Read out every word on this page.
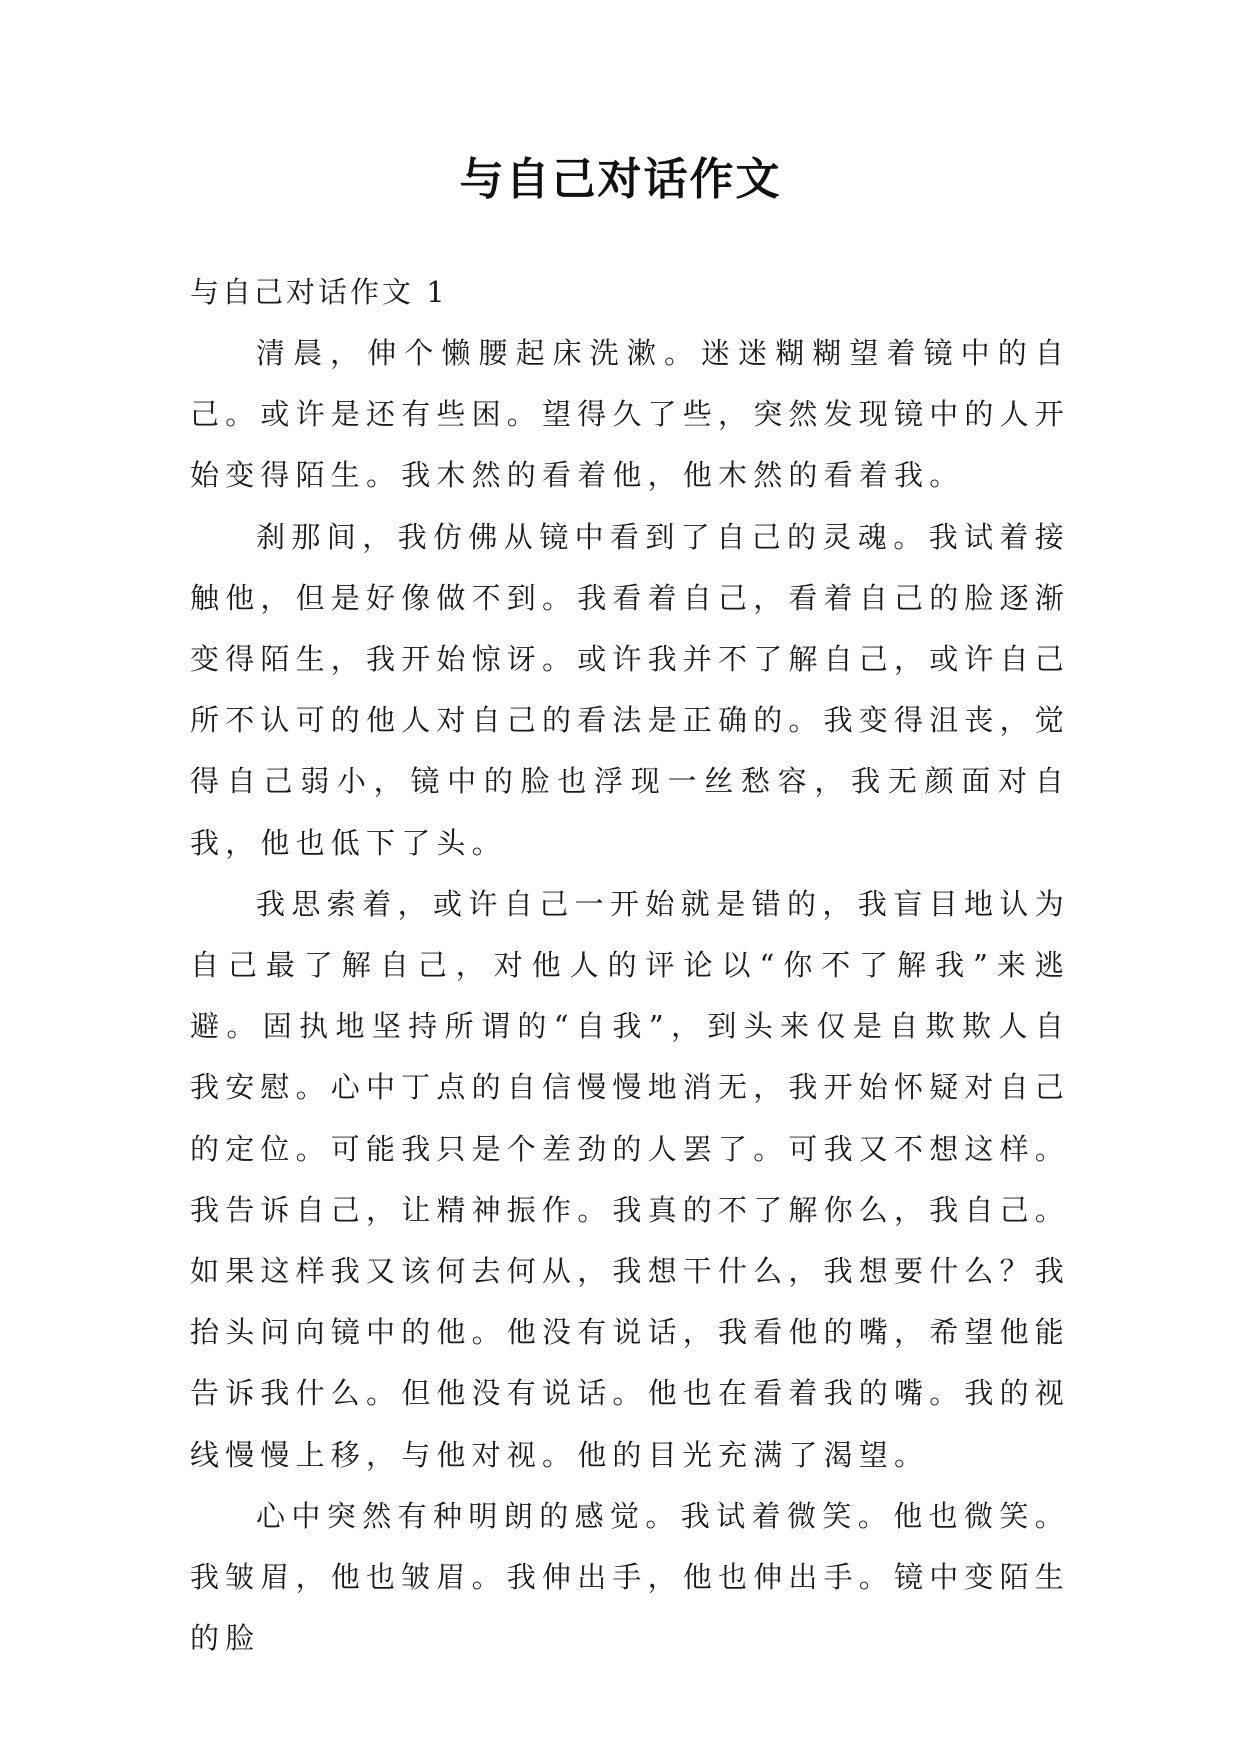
与自己对话作文

与自己对话作文 1

清晨，伸个懒腰起床洗漱。迷迷糊糊望着镜中的自己。或许是还有些困。望得久了些，突然发现镜中的人开始变得陌生。我木然的看着他，他木然的看着我。

刹那间，我仿佛从镜中看到了自己的灵魂。我试着接触他，但是好像做不到。我看着自己，看着自己的脸逐渐变得陌生，我开始惊讶。或许我并不了解自己，或许自己所不认可的他人对自己的看法是正确的。我变得沮丧，觉得自己弱小，镜中的脸也浮现一丝愁容，我无颜面对自我，他也低下了头。

我思索着，或许自己一开始就是错的，我盲目地认为自己最了解自己，对他人的评论以“你不了解我”来逃避。固执地坚持所谓的“自我”，到头来仅是自欺欺人自我安慰。心中丁点的自信慢慢地消无，我开始怀疑对自己的定位。可能我只是个差劲的人罢了。可我又不想这样。我告诉自己，让精神振作。我真的不了解你么，我自己。如果这样我又该何去何从，我想干什么，我想要什么？我抬头问向镜中的他。他没有说话，我看他的嘴，希望他能告诉我什么。但他没有说话。他也在看着我的嘴。我的视线慢慢上移，与他对视。他的目光充满了渴望。

心中突然有种明朗的感觉。我试着微笑。他也微笑。我皱眉，他也皱眉。我伸出手，他也伸出手。镜中变陌生的脸
